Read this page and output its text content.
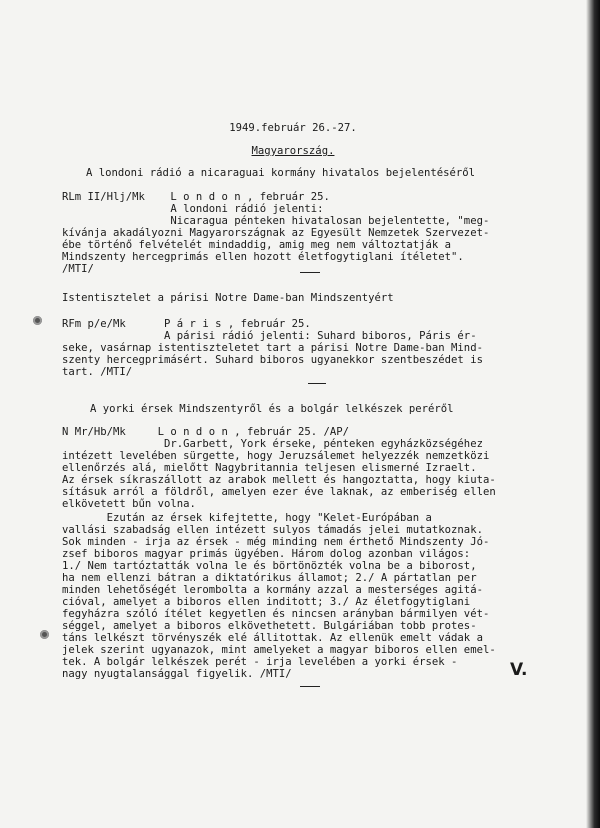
1949.február 26.-27.
Magyarország.
A londoni rádió a nicaraguai kormány hivatalos bejelentéséről
RLm II/Hlj/Mk    L o n d o n , február 25.
A londoni rádió jelenti:
Nicaragua pénteken hivatalosan bejelentette, "meg-
kívánja akadályozni Magyarországnak az Egyesült Nemzetek Szervezet-
ébe történő felvételét mindaddig, amig meg nem változtatják a
Mindszenty hercegprimás ellen hozott életfogytiglani ítéletet".
/MTI/
Istentisztelet a párisi Notre Dame-ban Mindszentyért
RFm p/e/Mk      P á r i s , február 25.
A párisi rádió jelenti: Suhard biboros, Páris ér-
seke, vasárnap istentiszteletet tart a párisi Notre Dame-ban Mind-
szenty hercegprimásért. Suhard biboros ugyanekkor szentbeszédet is
tart. /MTI/
A yorki érsek Mindszentyről és a bolgár lelkészek peréről
N Mr/Hb/Mk     L o n d o n , február 25. /AP/
Dr.Garbett, York érseke, pénteken egyházközségéhez
intézett levelében sürgette, hogy Jeruzsálemet helyezzék nemzetközi
ellenőrzés alá, mielőtt Nagybritannia teljesen elismerné Izraelt.
Az érsek síkraszállott az arabok mellett és hangoztatta, hogy kiuta-
sításuk arról a földről, amelyen ezer éve laknak, az emberiség ellen
elkövetett bűn volna.
Ezután az érsek kifejtette, hogy "Kelet-Európában a
vallási szabadság ellen intézett sulyos támadás jelei mutatkoznak.
Sok minden - irja az érsek - még minding nem érthető Mindszenty Jó-
zsef biboros magyar primás ügyében. Három dolog azonban világos:
1./ Nem tartóztatták volna le és börtönözték volna be a biborost,
ha nem ellenzi bátran a diktatórikus államot; 2./ A pártatlan per
minden lehetőségét lerombolta a kormány azzal a mesterséges agitá-
cióval, amelyet a biboros ellen inditott; 3./ Az életfogytiglani
fegyházra szóló ítélet kegyetlen és nincsen arányban bármilyen vét-
séggel, amelyet a biboros elkövethetett. Bulgáriában tobb protes-
táns lelkészt törvényszék elé állitottak. Az ellenük emelt vádak a
jelek szerint ugyanazok, mint amelyeket a magyar biboros ellen emel-
tek. A bolgár lelkészek perét - irja levelében a yorki érsek -
nagy nyugtalansággal figyelik. /MTI/	V.
